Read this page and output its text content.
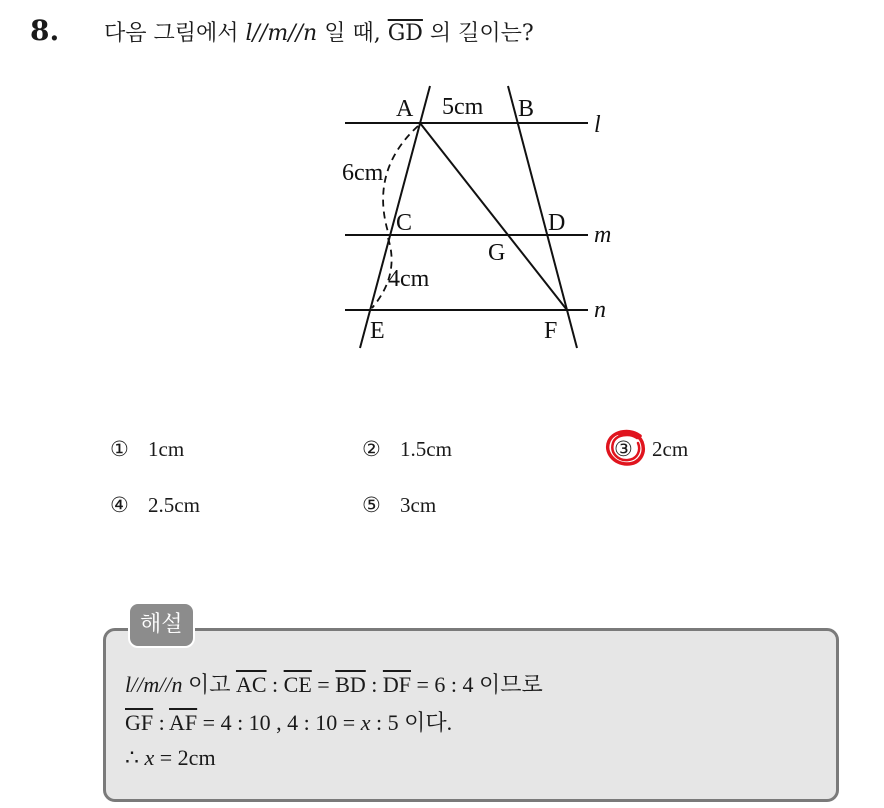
8. 다음 그림에서 l//m//n 일 때, $\overline{GD}$ 의 길이는?
A 5cm B
l
6cm
C	D m
G
4cm
n
E	F
① 1cm	② 1.5cm	③ 2cm
④ 2.5cm	⑤ 3cm
해설
l//m//n 이고 $\overline{AC}$ : $\overline{CE} = \overline{BD}$ : $\overline{DF} = 6$ : 4 이므로
$\overline{GF}$ : $\overline{AF} = 4$ : 10 , 4 : 10 = x : 5 이다.
∴ x = 2cm
